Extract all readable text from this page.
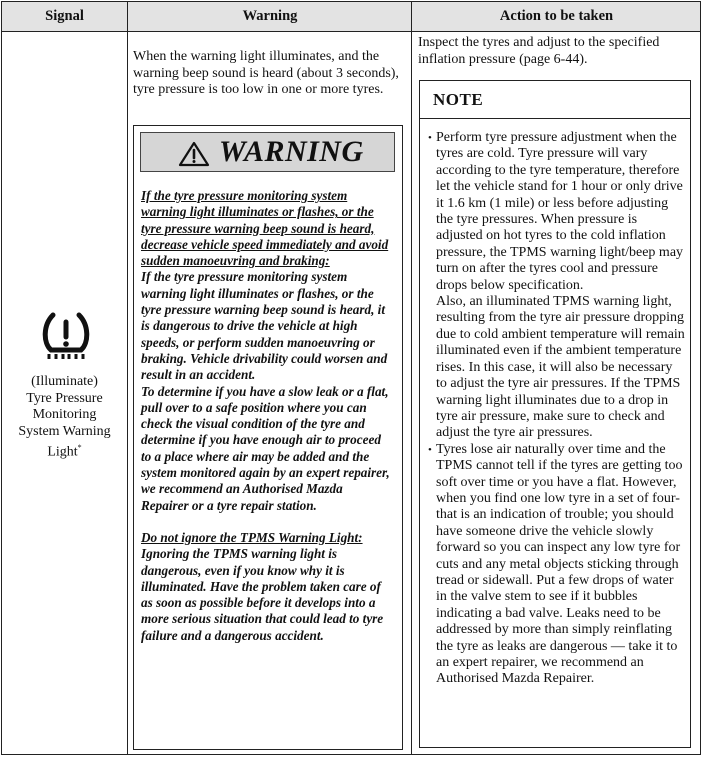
Signal	Warning	Action to be taken
(Illuminate)
Tyre Pressure
Monitoring
System Warning
Light*
When the warning light illuminates, and the warning beep sound is heard (about 3 seconds), tyre pressure is too low in one or more tyres.
WARNING

If the tyre pressure monitoring system warning light illuminates or flashes, or the tyre pressure warning beep sound is heard, decrease vehicle speed immediately and avoid sudden manoeuvring and braking:

If the tyre pressure monitoring system warning light illuminates or flashes, or the tyre pressure warning beep sound is heard, it is dangerous to drive the vehicle at high speeds, or perform sudden manoeuvring or braking. Vehicle drivability could worsen and result in an accident.

To determine if you have a slow leak or a flat, pull over to a safe position where you can check the visual condition of the tyre and determine if you have enough air to proceed to a place where air may be added and the system monitored again by an expert repairer, we recommend an Authorised Mazda Repairer or a tyre repair station.

Do not ignore the TPMS Warning Light:

Ignoring the TPMS warning light is dangerous, even if you know why it is illuminated. Have the problem taken care of as soon as possible before it develops into a more serious situation that could lead to tyre failure and a dangerous accident.

Inspect the tyres and adjust to the specified inflation pressure (page 6-44).
NOTE
• Perform tyre pressure adjustment when the tyres are cold. Tyre pressure will vary according to the tyre temperature, therefore let the vehicle stand for 1 hour or only drive it 1.6 km (1 mile) or less before adjusting the tyre pressures. When pressure is adjusted on hot tyres to the cold inflation pressure, the TPMS warning light/beep may turn on after the tyres cool and pressure drops below specification.

Also, an illuminated TPMS warning light, resulting from the tyre air pressure dropping due to cold ambient temperature will remain illuminated even if the ambient temperature rises. In this case, it will also be necessary to adjust the tyre air pressures. If the TPMS warning light illuminates due to a drop in tyre air pressure, make sure to check and adjust the tyre air pressures.

• Tyres lose air naturally over time and the TPMS cannot tell if the tyres are getting too soft over time or you have a flat. However, when you find one low tyre in a set of four-that is an indication of trouble; you should have someone drive the vehicle slowly forward so you can inspect any low tyre for cuts and any metal objects sticking through tread or sidewall. Put a few drops of water in the valve stem to see if it bubbles indicating a bad valve. Leaks need to be addressed by more than simply reinflating the tyre as leaks are dangerous — take it to an expert repairer, we recommend an Authorised Mazda Repairer.
